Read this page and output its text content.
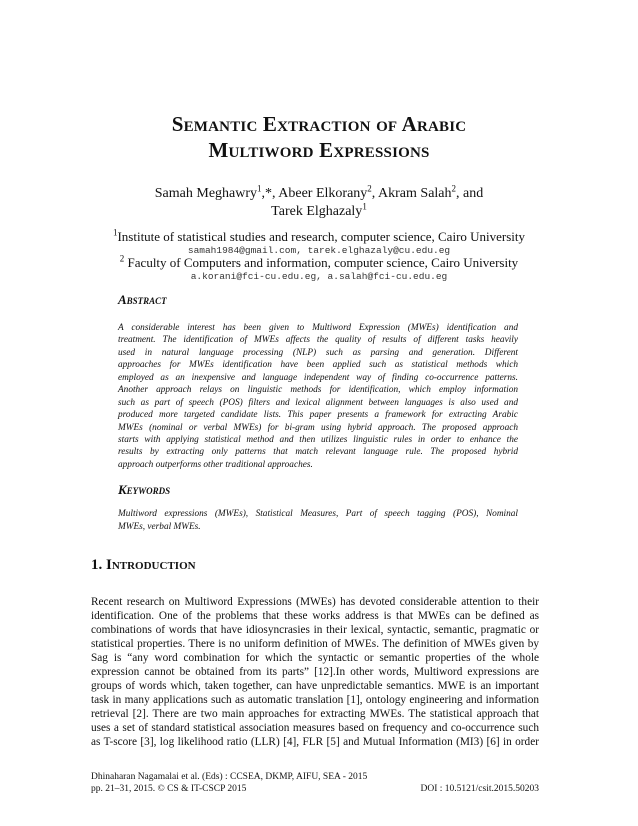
Semantic Extraction of Arabic
Multiword Expressions
Samah Meghawry$^1$,*, Abeer Elkorany$^2$, Akram Salah$^2$, and
Tarek Elghazaly$^1$
$^1$Institute of statistical studies and research, computer science, Cairo University
samah1984@gmail.com, tarek.elghazaly@cu.edu.eg
$^2$ Faculty of Computers and information, computer science, Cairo University
a.korani@fci-cu.edu.eg, a.salah@fci-cu.edu.eg
Abstract
A considerable interest has been given to Multiword Expression (MWEs) identification and
treatment. The identification of MWEs affects the quality of results of different tasks heavily
used in natural language processing (NLP) such as parsing and generation. Different
approaches for MWEs identification have been applied such as statistical methods which
employed as an inexpensive and language independent way of finding co-occurrence patterns.
Another approach relays on linguistic methods for identification, which employ information
such as part of speech (POS) filters and lexical alignment between languages is also used and
produced more targeted candidate lists. This paper presents a framework for extracting Arabic
MWEs (nominal or verbal MWEs) for bi-gram using hybrid approach. The proposed approach
starts with applying statistical method and then utilizes linguistic rules in order to enhance the
results by extracting only patterns that match relevant language rule. The proposed hybrid
approach outperforms other traditional approaches.
Keywords
Multiword expressions (MWEs), Statistical Measures, Part of speech tagging (POS), Nominal
MWEs, verbal MWEs.
1. Introduction
Recent research on Multiword Expressions (MWEs) has devoted considerable attention to their
identification. One of the problems that these works address is that MWEs can be defined as
combinations of words that have idiosyncrasies in their lexical, syntactic, semantic, pragmatic or
statistical properties. There is no uniform definition of MWEs. The definition of MWEs given by
Sag is “any word combination for which the syntactic or semantic properties of the whole
expression cannot be obtained from its parts” [12].In other words, Multiword expressions are
groups of words which, taken together, can have unpredictable semantics. MWE is an important
task in many applications such as automatic translation [1], ontology engineering and information
retrieval [2]. There are two main approaches for extracting MWEs. The statistical approach that
uses a set of standard statistical association measures based on frequency and co-occurrence such
as T-score [3], log likelihood ratio (LLR) [4], FLR [5] and Mutual Information (MI3) [6] in order
Dhinaharan Nagamalai et al. (Eds) : CCSEA, DKMP, AIFU, SEA - 2015
pp. 21–31, 2015. © CS & IT-CSCP 2015	DOI : 10.5121/csit.2015.50203
